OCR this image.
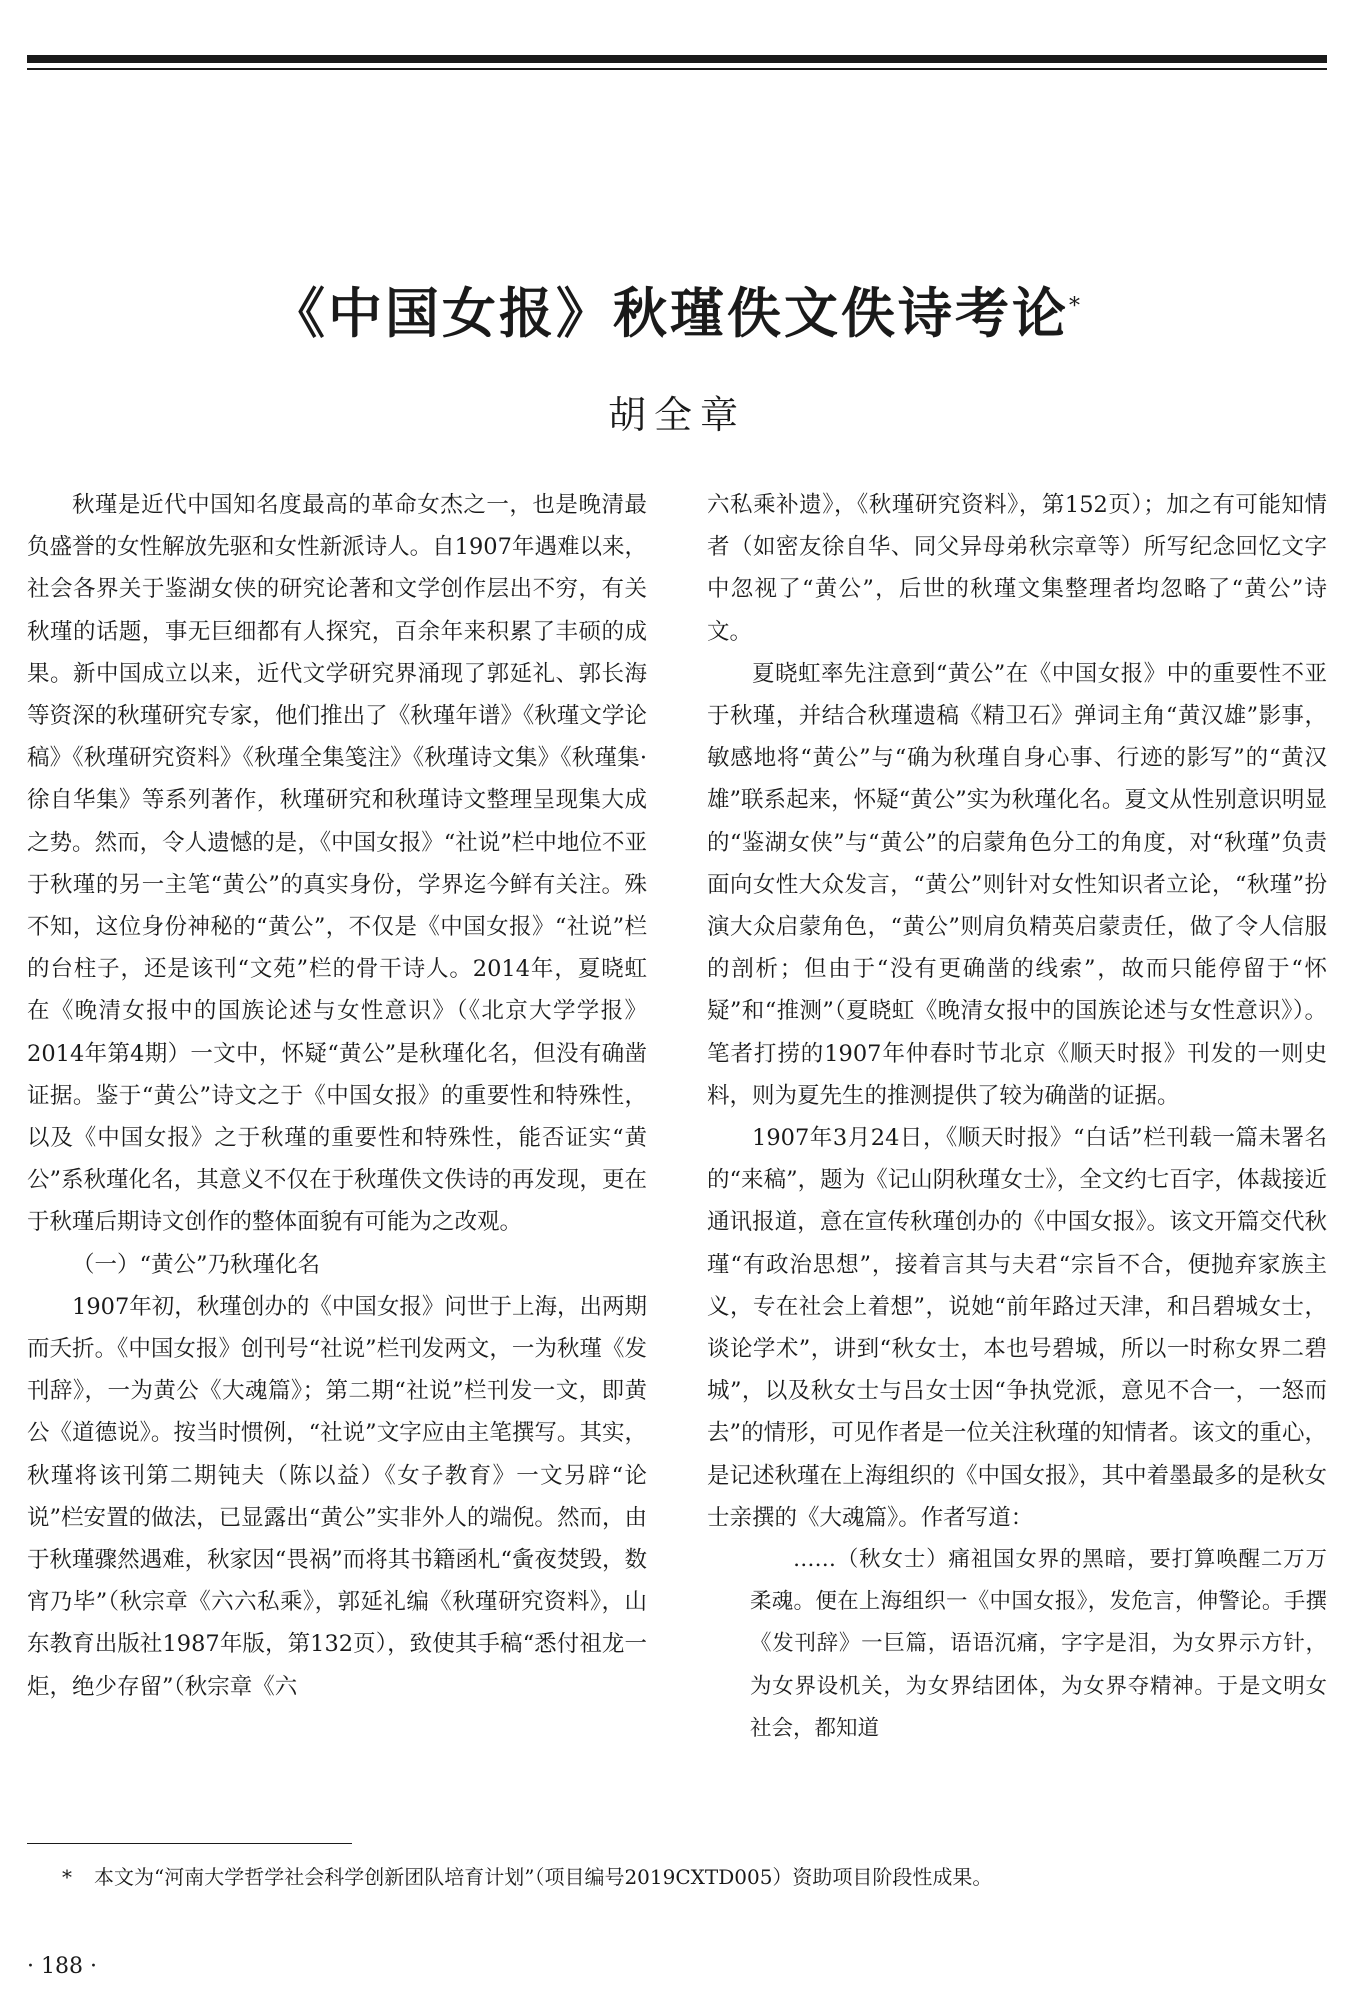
《中国女报》秋瑾佚文佚诗考论*
胡全章

秋瑾是近代中国知名度最高的革命女杰之一，也是晚清最负盛誉的女性解放先驱和女性新派诗人。自1907年遇难以来，社会各界关于鉴湖女侠的研究论著和文学创作层出不穷，有关秋瑾的话题，事无巨细都有人探究，百余年来积累了丰硕的成果。新中国成立以来，近代文学研究界涌现了郭延礼、郭长海等资深的秋瑾研究专家，他们推出了《秋瑾年谱》《秋瑾文学论稿》《秋瑾研究资料》《秋瑾全集笺注》《秋瑾诗文集》《秋瑾集·徐自华集》等系列著作，秋瑾研究和秋瑾诗文整理呈现集大成之势。然而，令人遗憾的是，《中国女报》“社说”栏中地位不亚于秋瑾的另一主笔“黄公”的真实身份，学界迄今鲜有关注。殊不知，这位身份神秘的“黄公”，不仅是《中国女报》“社说”栏的台柱子，还是该刊“文苑”栏的骨干诗人。2014年，夏晓虹在《晚清女报中的国族论述与女性意识》（《北京大学学报》2014年第4期）一文中，怀疑“黄公”是秋瑾化名，但没有确凿证据。鉴于“黄公”诗文之于《中国女报》的重要性和特殊性，以及《中国女报》之于秋瑾的重要性和特殊性，能否证实“黄公”系秋瑾化名，其意义不仅在于秋瑾佚文佚诗的再发现，更在于秋瑾后期诗文创作的整体面貌有可能为之改观。

（一）“黄公”乃秋瑾化名

1907年初，秋瑾创办的《中国女报》问世于上海，出两期而夭折。《中国女报》创刊号“社说”栏刊发两文，一为秋瑾《发刊辞》，一为黄公《大魂篇》；第二期“社说”栏刊发一文，即黄公《道德说》。按当时惯例，“社说”文字应由主笔撰写。其实，秋瑾将该刊第二期钝夫（陈以益）《女子教育》一文另辟“论说”栏安置的做法，已显露出“黄公”实非外人的端倪。然而，由于秋瑾骤然遇难，秋家因“畏祸”而将其书籍函札“夤夜焚毁，数宵乃毕”（秋宗章《六六私乘》，郭延礼编《秋瑾研究资料》，山东教育出版社1987年版，第132页），致使其手稿“悉付祖龙一炬，绝少存留”（秋宗章《六

六私乘补遗》，《秋瑾研究资料》，第152页）；加之有可能知情者（如密友徐自华、同父异母弟秋宗章等）所写纪念回忆文字中忽视了“黄公”，后世的秋瑾文集整理者均忽略了“黄公”诗文。

夏晓虹率先注意到“黄公”在《中国女报》中的重要性不亚于秋瑾，并结合秋瑾遗稿《精卫石》弹词主角“黄汉雄”影事，敏感地将“黄公”与“确为秋瑾自身心事、行迹的影写”的“黄汉雄”联系起来，怀疑“黄公”实为秋瑾化名。夏文从性别意识明显的“鉴湖女侠”与“黄公”的启蒙角色分工的角度，对“秋瑾”负责面向女性大众发言，“黄公”则针对女性知识者立论，“秋瑾”扮演大众启蒙角色，“黄公”则肩负精英启蒙责任，做了令人信服的剖析；但由于“没有更确凿的线索”，故而只能停留于“怀疑”和“推测”（夏晓虹《晚清女报中的国族论述与女性意识》）。笔者打捞的1907年仲春时节北京《顺天时报》刊发的一则史料，则为夏先生的推测提供了较为确凿的证据。

1907年3月24日，《顺天时报》“白话”栏刊载一篇未署名的“来稿”，题为《记山阴秋瑾女士》，全文约七百字，体裁接近通讯报道，意在宣传秋瑾创办的《中国女报》。该文开篇交代秋瑾“有政治思想”，接着言其与夫君“宗旨不合，便抛弃家族主义，专在社会上着想”，说她“前年路过天津，和吕碧城女士，谈论学术”，讲到“秋女士，本也号碧城，所以一时称女界二碧城”，以及秋女士与吕女士因“争执党派，意见不合一，一怒而去”的情形，可见作者是一位关注秋瑾的知情者。该文的重心，是记述秋瑾在上海组织的《中国女报》，其中着墨最多的是秋女士亲撰的《大魂篇》。作者写道：

……（秋女士）痛祖国女界的黑暗，要打算唤醒二万万柔魂。便在上海组织一《中国女报》，发危言，伸警论。手撰《发刊辞》一巨篇，语语沉痛，字字是泪，为女界示方针，为女界设机关，为女界结团体，为女界夺精神。于是文明女社会，都知道

* 本文为“河南大学哲学社会科学创新团队培育计划”（项目编号2019CXTD005）资助项目阶段性成果。
· 188 ·
